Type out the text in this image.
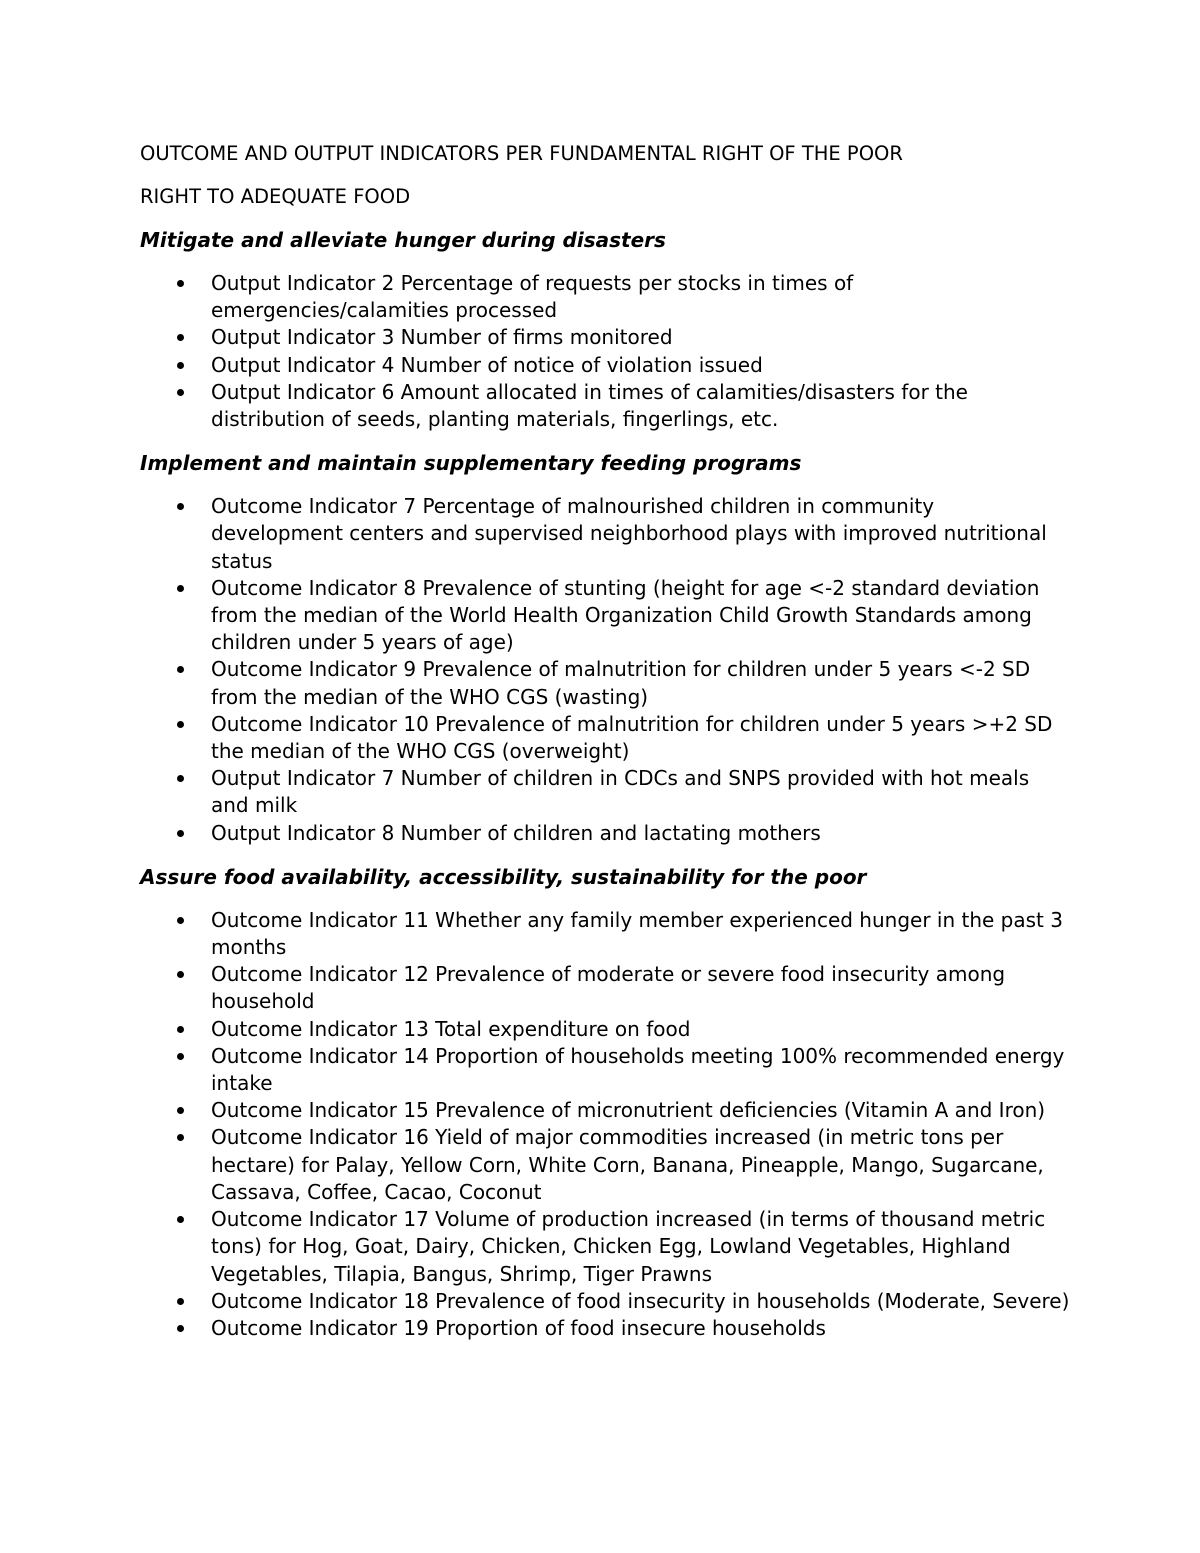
OUTCOME AND OUTPUT INDICATORS PER FUNDAMENTAL RIGHT OF THE POOR
RIGHT TO ADEQUATE FOOD
Mitigate and alleviate hunger during disasters
Output Indicator 2 Percentage of requests per stocks in times of emergencies/calamities processed
Output Indicator 3 Number of firms monitored
Output Indicator 4 Number of notice of violation issued
Output Indicator 6 Amount allocated in times of calamities/disasters for the distribution of seeds, planting materials, fingerlings, etc.
Implement and maintain supplementary feeding programs
Outcome Indicator 7 Percentage of malnourished children in community development centers and supervised neighborhood plays with improved nutritional status
Outcome Indicator 8 Prevalence of stunting (height for age <-2 standard deviation from the median of the World Health Organization Child Growth Standards among children under 5 years of age)
Outcome Indicator 9 Prevalence of malnutrition for children under 5 years <-2 SD from the median of the WHO CGS (wasting)
Outcome Indicator 10 Prevalence of malnutrition for children under 5 years >+2 SD the median of the WHO CGS (overweight)
Output Indicator 7 Number of children in CDCs and SNPS provided with hot meals and milk
Output Indicator 8 Number of children and lactating mothers
Assure food availability, accessibility, sustainability for the poor
Outcome Indicator 11 Whether any family member experienced hunger in the past 3 months
Outcome Indicator 12 Prevalence of moderate or severe food insecurity among household
Outcome Indicator 13 Total expenditure on food
Outcome Indicator 14 Proportion of households meeting 100% recommended energy intake
Outcome Indicator 15 Prevalence of micronutrient deficiencies (Vitamin A and Iron)
Outcome Indicator 16 Yield of major commodities increased (in metric tons per hectare) for Palay, Yellow Corn, White Corn, Banana, Pineapple, Mango, Sugarcane, Cassava, Coffee, Cacao, Coconut
Outcome Indicator 17 Volume of production increased (in terms of thousand metric tons) for Hog, Goat, Dairy, Chicken, Chicken Egg, Lowland Vegetables, Highland Vegetables, Tilapia, Bangus, Shrimp, Tiger Prawns
Outcome Indicator 18 Prevalence of food insecurity in households (Moderate, Severe)
Outcome Indicator 19 Proportion of food insecure households
